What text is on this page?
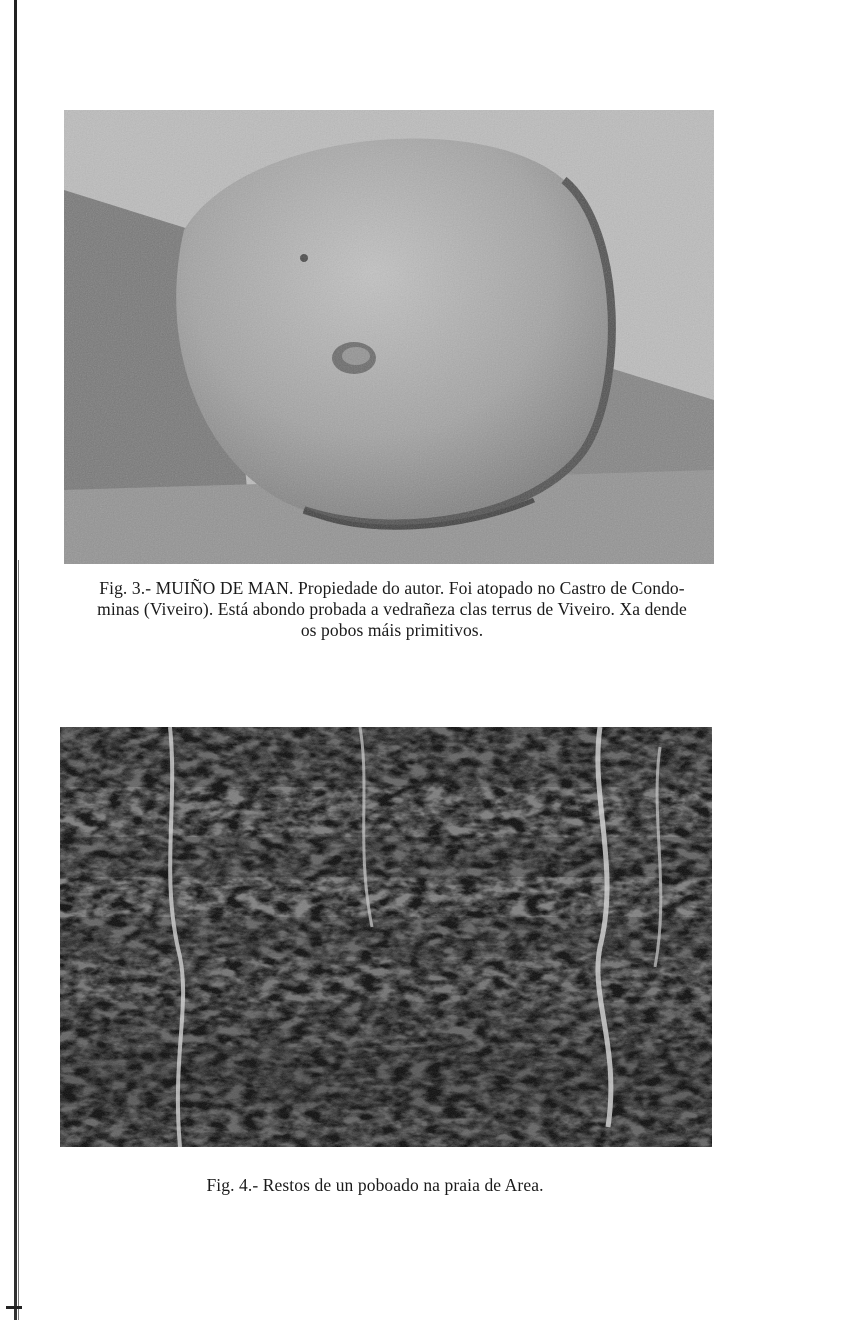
Fig. 3.- MUIÑO DE MAN. Propiedade do autor. Foi atopado no Castro de Condo-
minas (Viveiro). Está abondo probada a vedrañeza clas terrus de Viveiro. Xa dende
os pobos máis primitivos.
Fig. 4.- Restos de un poboado na praia de Area.
